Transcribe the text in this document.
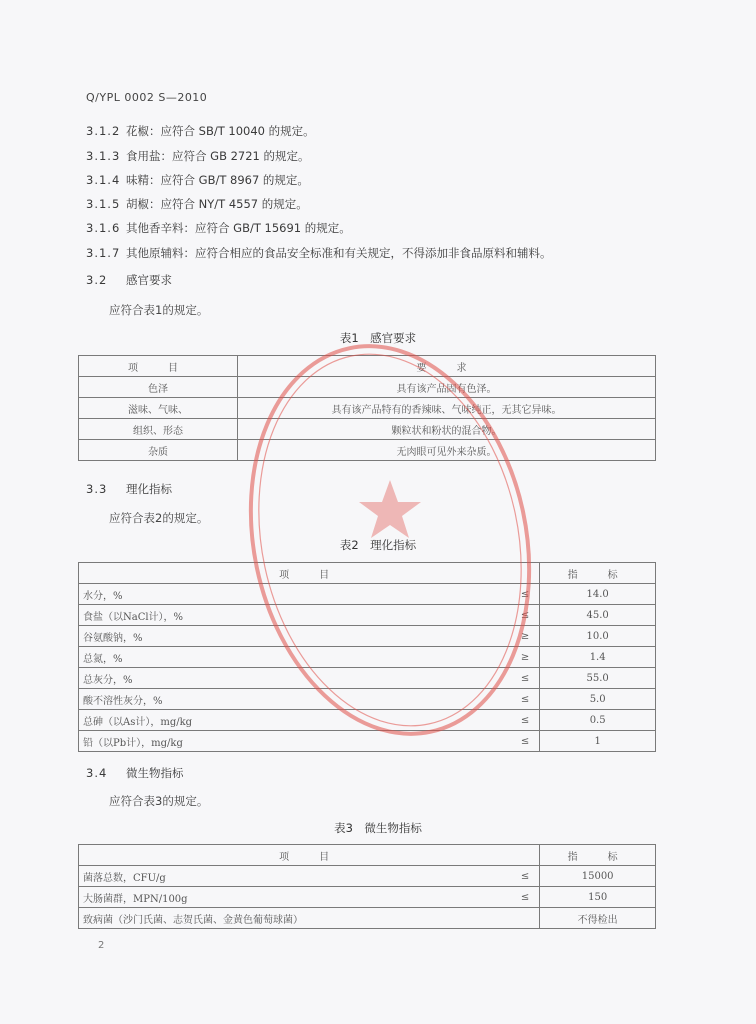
Q/YPL 0002 S—2010
3.1.2 花椒：应符合 SB/T 10040 的规定。
3.1.3 食用盐：应符合 GB 2721 的规定。
3.1.4 味精：应符合 GB/T 8967 的规定。
3.1.5 胡椒：应符合 NY/T 4557 的规定。
3.1.6 其他香辛料：应符合 GB/T 15691 的规定。
3.1.7 其他原辅料：应符合相应的食品安全标准和有关规定，不得添加非食品原料和辅料。
3.2 感官要求
应符合表1的规定。
表1　感官要求
项　目	要　求
色泽	具有该产品固有色泽。
滋味、气味、	具有该产品特有的香辣味、气味纯正，无其它异味。
组织、形态	颗粒状和粉状的混合物。
杂质	无肉眼可见外来杂质。
3.3 理化指标
应符合表2的规定。
表2　理化指标
项　目		指　标
水分，%	≤	14.0
食盐（以NaCl计），%	≤	45.0
谷氨酸钠，%	≥	10.0
总氮，%	≥	1.4
总灰分，%	≤	55.0
酸不溶性灰分，%	≤	5.0
总砷（以As计），mg/kg	≤	0.5
铅（以Pb计），mg/kg	≤	1
3.4 微生物指标
应符合表3的规定。
表3　微生物指标
项　目		指　标
菌落总数，CFU/g	≤	15000
大肠菌群，MPN/100g	≤	150
致病菌（沙门氏菌、志贺氏菌、金黄色葡萄球菌）		不得检出
2
